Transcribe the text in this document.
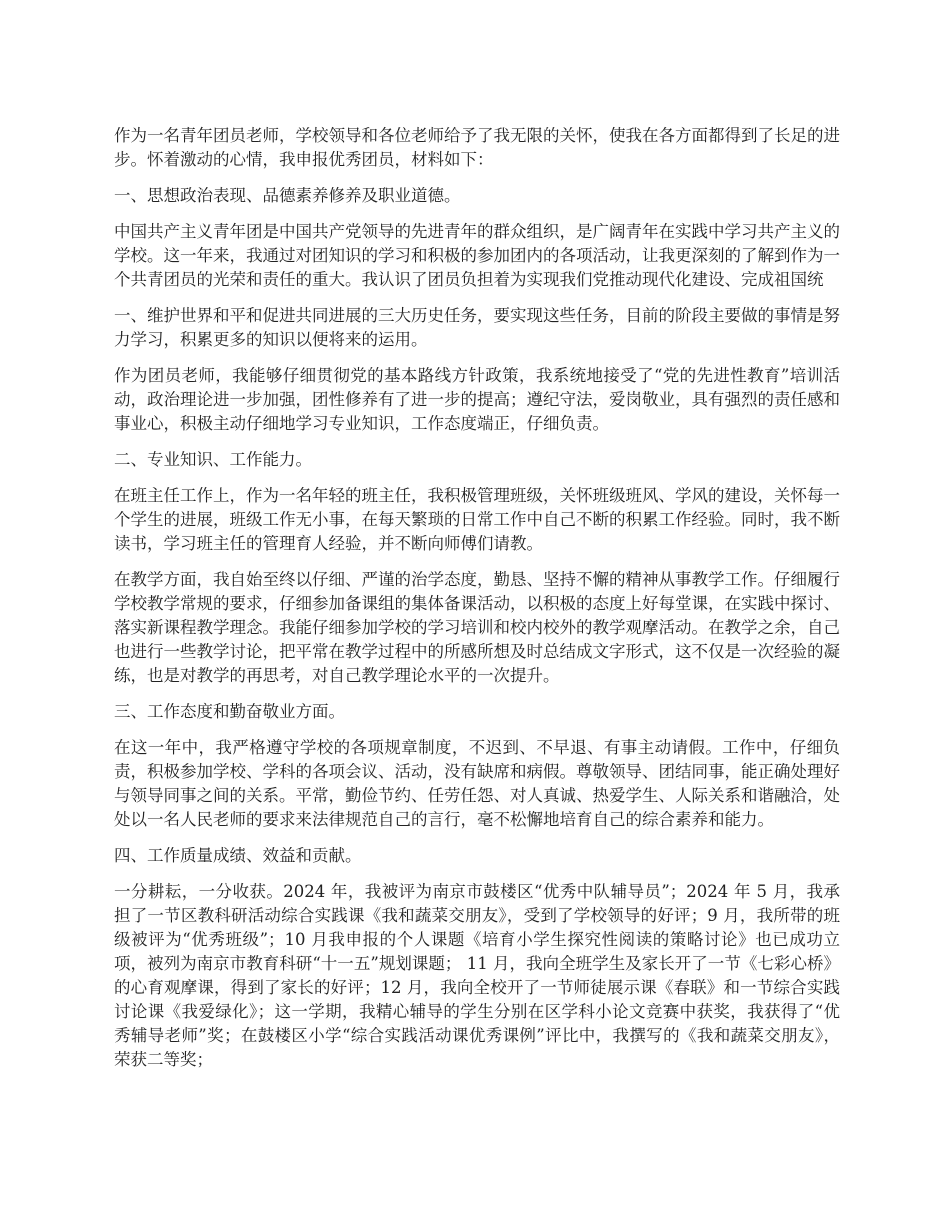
作为一名青年团员老师，学校领导和各位老师给予了我无限的关怀，使我在各方面都得到了长足的进步。怀着激动的心情，我申报优秀团员，材料如下：

一、思想政治表现、品德素养修养及职业道德。

中国共产主义青年团是中国共产党领导的先进青年的群众组织，是广阔青年在实践中学习共产主义的学校。这一年来，我通过对团知识的学习和积极的参加团内的各项活动，让我更深刻的了解到作为一个共青团员的光荣和责任的重大。我认识了团员负担着为实现我们党推动现代化建设、完成祖国统

一、维护世界和平和促进共同进展的三大历史任务，要实现这些任务，目前的阶段主要做的事情是努力学习，积累更多的知识以便将来的运用。

作为团员老师，我能够仔细贯彻党的基本路线方针政策，我系统地接受了“党的先进性教育”培训活动，政治理论进一步加强，团性修养有了进一步的提高；遵纪守法，爱岗敬业，具有强烈的责任感和事业心，积极主动仔细地学习专业知识，工作态度端正，仔细负责。

二、专业知识、工作能力。

在班主任工作上，作为一名年轻的班主任，我积极管理班级，关怀班级班风、学风的建设，关怀每一个学生的进展，班级工作无小事，在每天繁琐的日常工作中自己不断的积累工作经验。同时，我不断读书，学习班主任的管理育人经验，并不断向师傅们请教。

在教学方面，我自始至终以仔细、严谨的治学态度，勤恳、坚持不懈的精神从事教学工作。仔细履行学校教学常规的要求，仔细参加备课组的集体备课活动，以积极的态度上好每堂课，在实践中探讨、落实新课程教学理念。我能仔细参加学校的学习培训和校内校外的教学观摩活动。在教学之余，自己也进行一些教学讨论，把平常在教学过程中的所感所想及时总结成文字形式，这不仅是一次经验的凝练，也是对教学的再思考，对自己教学理论水平的一次提升。

三、工作态度和勤奋敬业方面。

在这一年中，我严格遵守学校的各项规章制度，不迟到、不早退、有事主动请假。工作中，仔细负责，积极参加学校、学科的各项会议、活动，没有缺席和病假。尊敬领导、团结同事，能正确处理好与领导同事之间的关系。平常，勤俭节约、任劳任怨、对人真诚、热爱学生、人际关系和谐融洽，处处以一名人民老师的要求来法律规范自己的言行，毫不松懈地培育自己的综合素养和能力。

四、工作质量成绩、效益和贡献。

一分耕耘，一分收获。2024 年，我被评为南京市鼓楼区“优秀中队辅导员”；2024 年 5 月，我承担了一节区教科研活动综合实践课《我和蔬菜交朋友》，受到了学校领导的好评；9 月，我所带的班级被评为“优秀班级”；10 月我申报的个人课题《培育小学生探究性阅读的策略讨论》也已成功立项，被列为南京市教育科研“十一五”规划课题； 11 月，我向全班学生及家长开了一节《七彩心桥》的心育观摩课，得到了家长的好评；12 月，我向全校开了一节师徒展示课《春联》和一节综合实践讨论课《我爱绿化》；这一学期，我精心辅导的学生分别在区学科小论文竞赛中获奖，我获得了“优秀辅导老师”奖；在鼓楼区小学“综合实践活动课优秀课例”评比中，我撰写的《我和蔬菜交朋友》，荣获二等奖；
